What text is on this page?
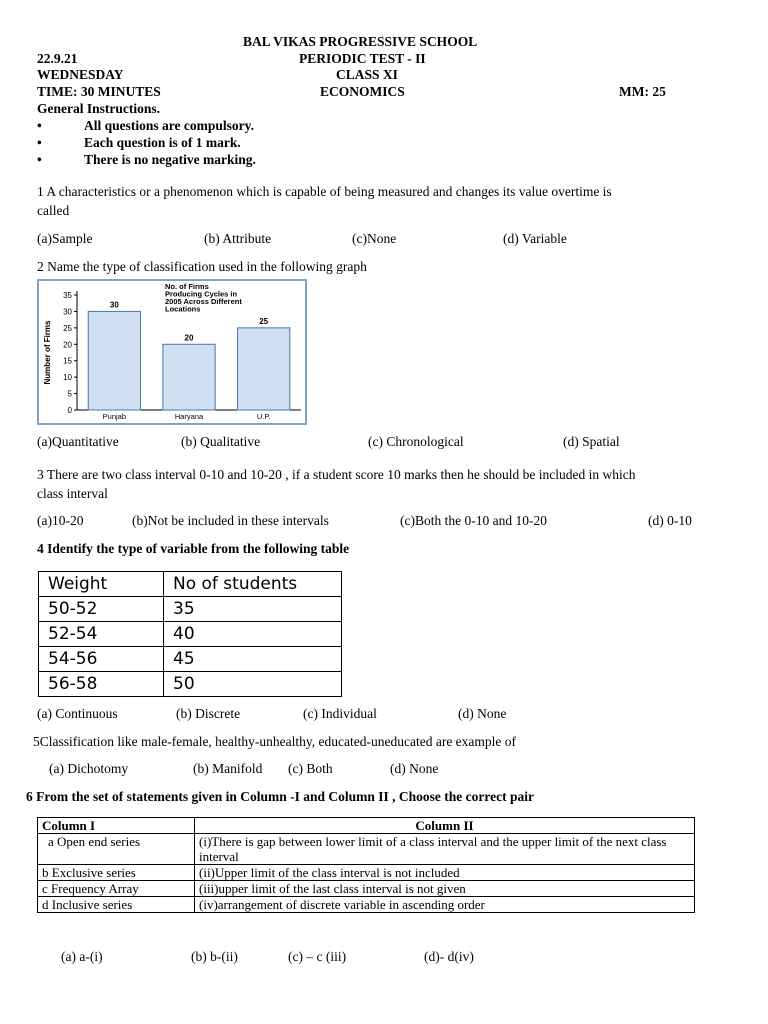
BAL VIKAS PROGRESSIVE SCHOOL
22.9.21	PERIODIC TEST - II
WEDNESDAY	CLASS XI
TIME: 30 MINUTES	ECONOMICS	MM: 25
General Instructions.
•	All questions are compulsory.
•	Each question is of 1 mark.
•	There is no negative marking.
1 A characteristics or a phenomenon which is capable of being measured and changes its value overtime is
called
(a)Sample	(b) Attribute	(c)None	(d) Variable
2 Name the type of classification used in the following graph
Number of Firms
0
5
10
15
20
25
30
35
30
Punjab
20
Haryana
25
U.P.
No. of Firms
Producing Cycles in
2005 Across Different
Locations
(a)Quantitative	(b) Qualitative	(c) Chronological	(d) Spatial
3 There are two class interval 0-10 and 10-20 , if a student score 10 marks then he should be included in which
class interval
(a)10-20	(b)Not be included in these intervals	(c)Both the 0-10 and 10-20	(d) 0-10
4 Identify the type of variable from the following table
Weight	No of students
50-52	35
52-54	40
54-56	45
56-58	50
(a) Continuous	(b) Discrete	(c) Individual	(d) None
5Classification like male-female, healthy-unhealthy, educated-uneducated are example of
(a) Dichotomy	(b) Manifold (c) Both	(d) None
6 From the set of statements given in Column -I and Column II , Choose the correct pair
Column I	Column II
a Open end series	(i)There is gap between lower limit of a class interval and the upper limit of the next class interval
b Exclusive series	(ii)Upper limit of the class interval is not included
c Frequency Array	(iii)upper limit of the last class interval is not given
d Inclusive series	(iv)arrangement of discrete variable in ascending order
(a) a-(i)	(b) b-(ii)	(c) – c (iii)	(d)- d(iv)
